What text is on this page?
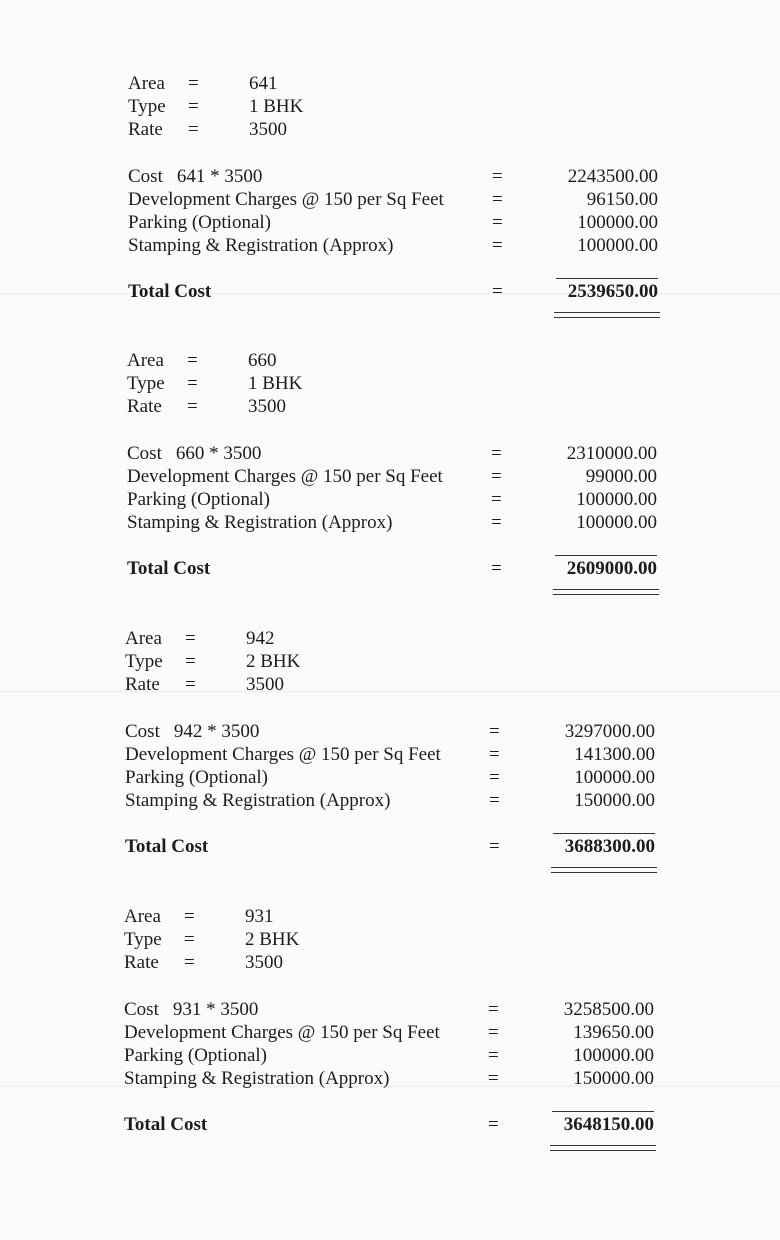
Area =	641
Type =	1 BHK
Rate =	3500
Cost 641 * 3500	=	2243500.00
Development Charges @ 150 per Sq Feet	=	96150.00
Parking (Optional)	=	100000.00
Stamping & Registration (Approx)	=	100000.00
Total Cost	=	2539650.00
Area =	660
Type =	1 BHK
Rate =	3500
Cost 660 * 3500	=	2310000.00
Development Charges @ 150 per Sq Feet	=	99000.00
Parking (Optional)	=	100000.00
Stamping & Registration (Approx)	=	100000.00
Total Cost	=	2609000.00
Area =	942
Type =	2 BHK
Rate =	3500
Cost 942 * 3500	=	3297000.00
Development Charges @ 150 per Sq Feet	=	141300.00
Parking (Optional)	=	100000.00
Stamping & Registration (Approx)	=	150000.00
Total Cost	=	3688300.00
Area =	931
Type =	2 BHK
Rate =	3500
Cost 931 * 3500	=	3258500.00
Development Charges @ 150 per Sq Feet	=	139650.00
Parking (Optional)	=	100000.00
Stamping & Registration (Approx)	=	150000.00
Total Cost	=	3648150.00
